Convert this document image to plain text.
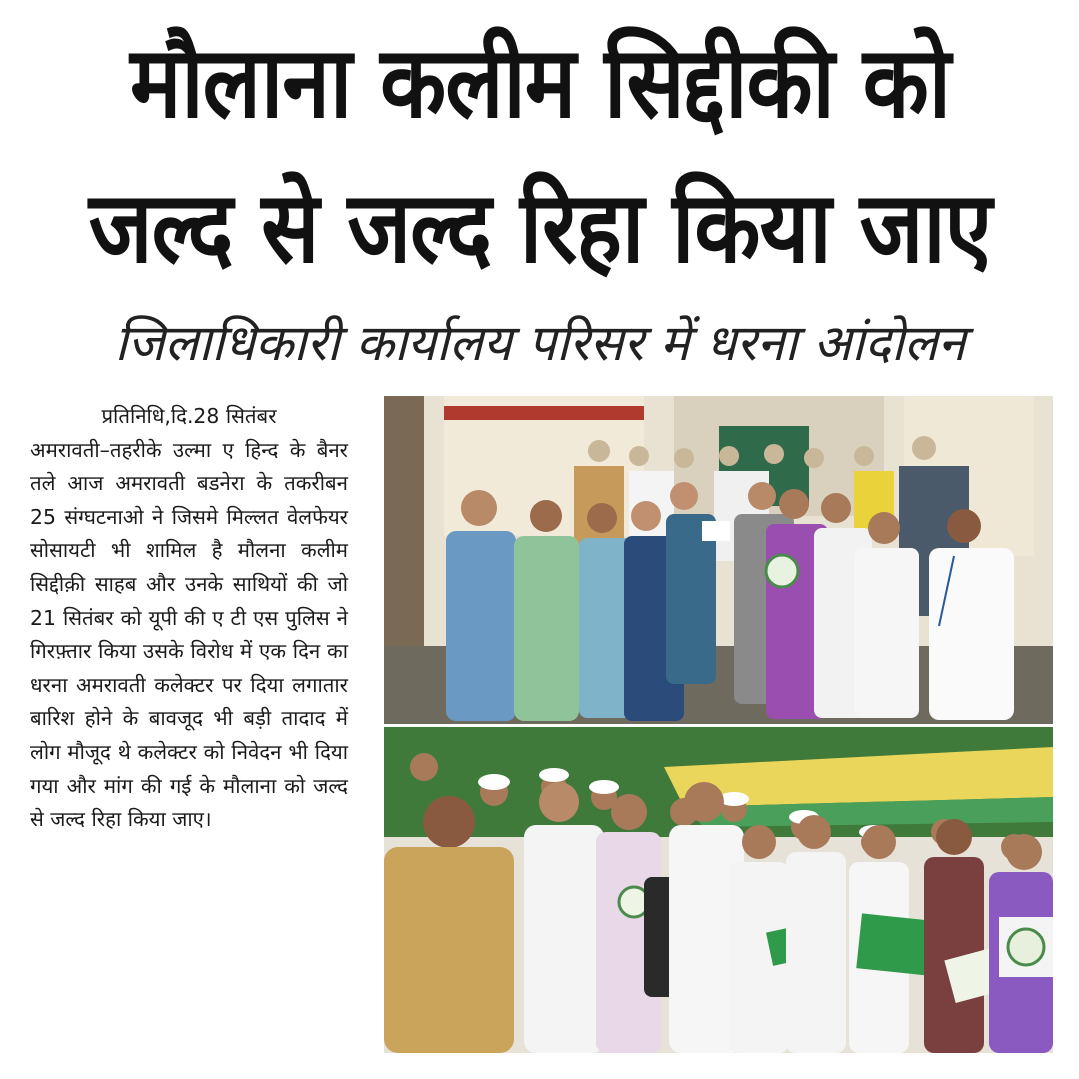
मौलाना कलीम सिद्दीकी को
जल्द से जल्द रिहा किया जाए
जिलाधिकारी कार्यालय परिसर में धरना आंदोलन

प्रतिनिधि,दि.28 सितंबर

अमरावती–तहरीके उल्मा ए हिन्द के बैनर तले आज अमरावती बडनेरा के तकरीबन 25 संग्घटनाओ ने जिसमे मिल्लत वेलफेयर सोसायटी भी शामिल है मौलना कलीम सिद्दीक़ी साहब और उनके साथियों की जो 21 सितंबर को यूपी की ए टी एस पुलिस ने गिरफ़्तार किया उसके विरोध में एक दिन का धरना अमरावती कलेक्टर पर दिया लगातार बारिश होने के बावजूद भी बड़ी तादाद में लोग मौजूद थे कलेक्टर को निवेदन भी दिया गया और मांग की गई के मौलाना को जल्द से जल्द रिहा किया जाए।
